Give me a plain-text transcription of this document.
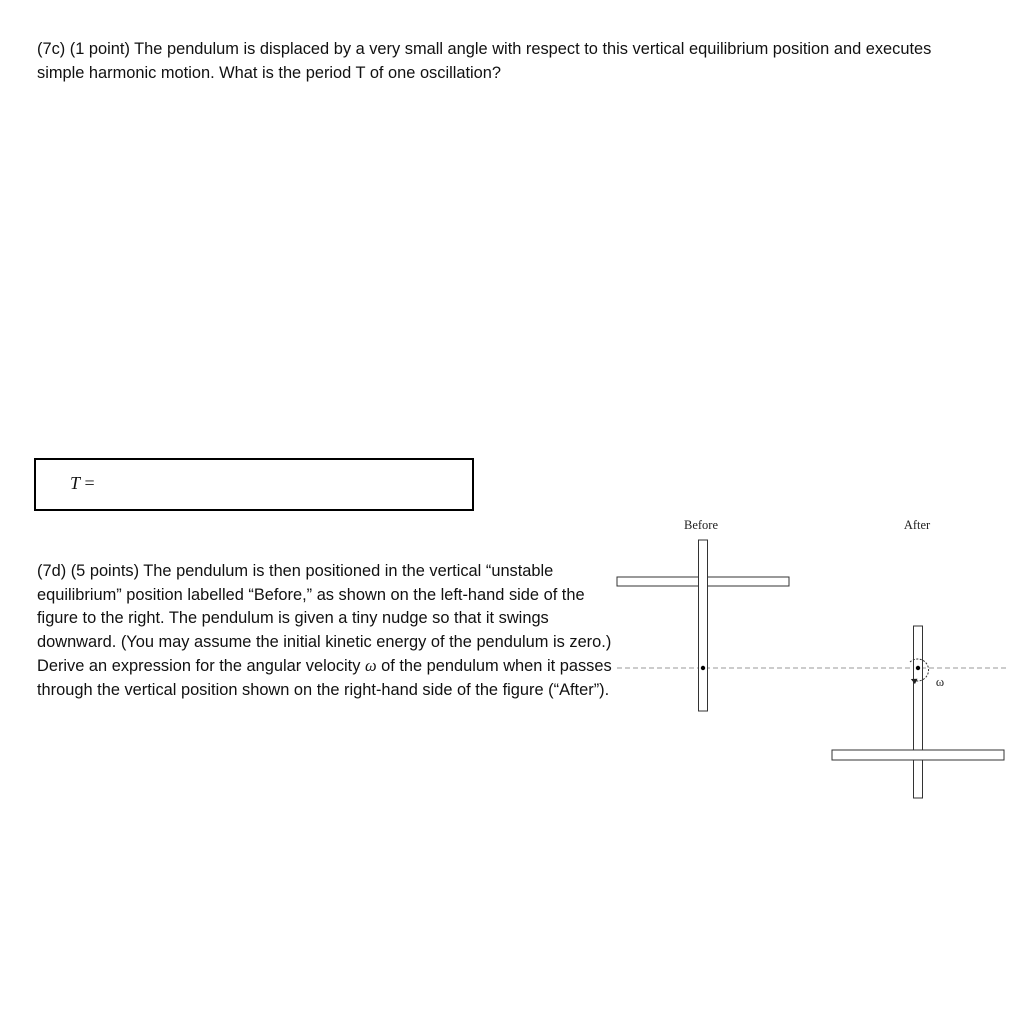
(7c) (1 point) The pendulum is displaced by a very small angle with respect to this vertical equilibrium position and executes simple harmonic motion. What is the period T of one oscillation?
T =
(7d) (5 points) The pendulum is then positioned in the vertical “unstable equilibrium” position labelled “Before,” as shown on the left-hand side of the figure to the right. The pendulum is given a tiny nudge so that it swings downward. (You may assume the initial kinetic energy of the pendulum is zero.) Derive an expression for the angular velocity ω of the pendulum when it passes through the vertical position shown on the right-hand side of the figure (“After”).
Before	After
ω
